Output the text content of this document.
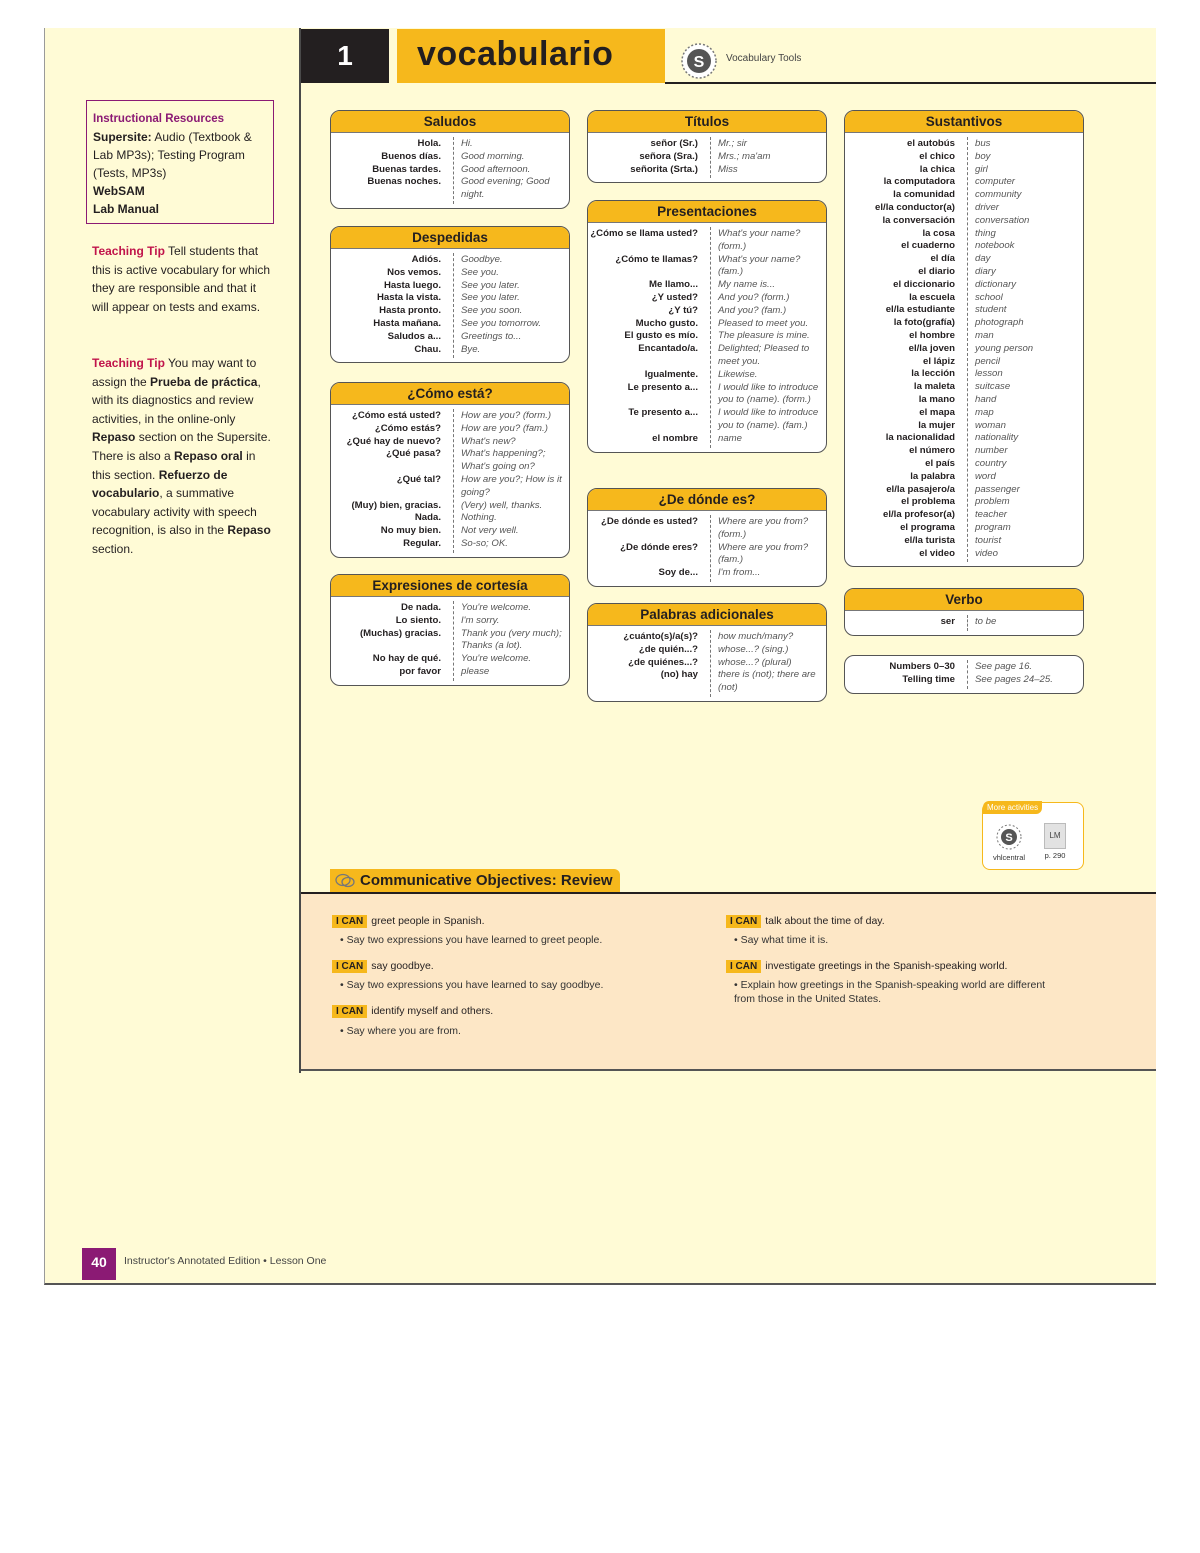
Instructional Resources
Supersite: Audio (Textbook & Lab MP3s); Testing Program (Tests, MP3s)
WebSAM
Lab Manual
Teaching Tip Tell students that this is active vocabulary for which they are responsible and that it will appear on tests and exams.
Teaching Tip You may want to assign the Prueba de práctica, with its diagnostics and review activities, in the online-only Repaso section on the Supersite. There is also a Repaso oral in this section. Refuerzo de vocabulario, a summative vocabulary activity with speech recognition, is also in the Repaso section.
1	vocabulario	S Vocabulary Tools
Saludos
Hola.	Hi.
Buenos días.	Good morning.
Buenas tardes.	Good afternoon.
Buenas noches.	Good evening; Good night.
Despedidas
Adiós.	Goodbye.
Nos vemos.	See you.
Hasta luego.	See you later.
Hasta la vista.	See you later.
Hasta pronto.	See you soon.
Hasta mañana.	See you tomorrow.
Saludos a...	Greetings to...
Chau.	Bye.
¿Cómo está?
¿Cómo está usted?	How are you? (form.)
¿Cómo estás?	How are you? (fam.)
¿Qué hay de nuevo?	What's new?
¿Qué pasa?	What's happening?; What's going on?
¿Qué tal?	How are you?; How is it going?
(Muy) bien, gracias.	(Very) well, thanks.
Nada.	Nothing.
No muy bien.	Not very well.
Regular.	So-so; OK.
Expresiones de cortesía
De nada.	You're welcome.
Lo siento.	I'm sorry.
(Muchas) gracias.	Thank you (very much); Thanks (a lot).
No hay de qué.	You're welcome.
por favor	please
Títulos
señor (Sr.)	Mr.; sir
señora (Sra.)	Mrs.; ma'am
señorita (Srta.)	Miss
Presentaciones
¿Cómo se llama usted?	What's your name? (form.)
¿Cómo te llamas?	What's your name? (fam.)
Me llamo...	My name is...
¿Y usted?	And you? (form.)
¿Y tú?	And you? (fam.)
Mucho gusto.	Pleased to meet you.
El gusto es mío.	The pleasure is mine.
Encantado/a.	Delighted; Pleased to meet you.
Igualmente.	Likewise.
Le presento a...	I would like to introduce you to (name). (form.)
Te presento a...	I would like to introduce you to (name). (fam.)
el nombre	name
¿De dónde es?
¿De dónde es usted?	Where are you from? (form.)
¿De dónde eres?	Where are you from? (fam.)
Soy de...	I'm from...
Palabras adicionales
¿cuánto(s)/a(s)?	how much/many?
¿de quién...?	whose...? (sing.)
¿de quiénes...?	whose...? (plural)
(no) hay	there is (not); there are (not)
Sustantivos
el autobús	bus
el chico	boy
la chica	girl
la computadora	computer
la comunidad	community
el/la conductor(a)	driver
la conversación	conversation
la cosa	thing
el cuaderno	notebook
el día	day
el diario	diary
el diccionario	dictionary
la escuela	school
el/la estudiante	student
la foto(grafía)	photograph
el hombre	man
el/la joven	young person
el lápiz	pencil
la lección	lesson
la maleta	suitcase
la mano	hand
el mapa	map
la mujer	woman
la nacionalidad	nationality
el número	number
el país	country
la palabra	word
el/la pasajero/a	passenger
el problema	problem
el/la profesor(a)	teacher
el programa	program
el/la turista	tourist
el video	video
Verbo
ser	to be
Numbers 0–30	See page 16.
Telling time	See pages 24–25.
More activities
S
vhlcentral
LM
p. 290
Communicative Objectives: Review
I CAN greet people in Spanish.
• Say two expressions you have learned to greet people.
I CAN say goodbye.
• Say two expressions you have learned to say goodbye.
I CAN identify myself and others.
• Say where you are from.
I CAN talk about the time of day.
• Say what time it is.
I CAN investigate greetings in the Spanish-speaking world.
• Explain how greetings in the Spanish-speaking world are different from those in the United States.
40	Instructor's Annotated Edition • Lesson One
